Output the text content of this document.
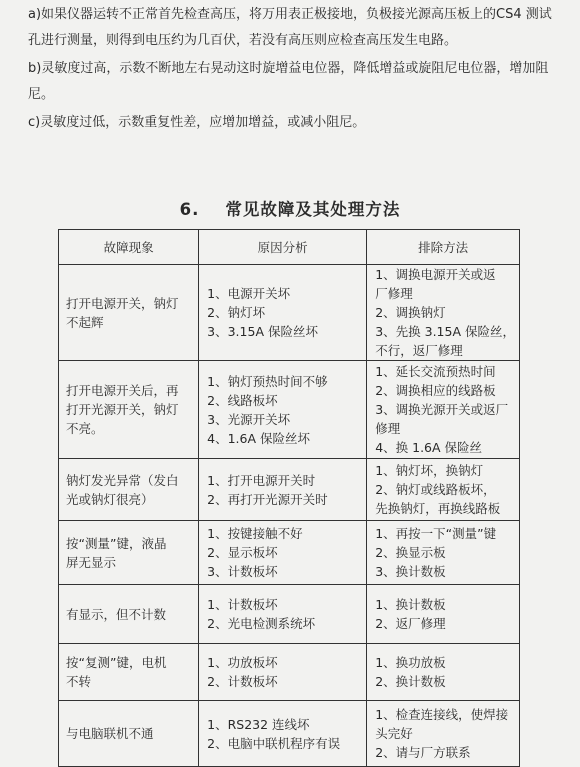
a)如果仪器运转不正常首先检查高压，将万用表正极接地，负极接光源高压板上的CS4 测试孔进行测量，则得到电压约为几百伏，若没有高压则应检查高压发生电路。
b)灵敏度过高，示数不断地左右晃动这时旋增益电位器，降低增益或旋阻尼电位器，增加阻尼。
c)灵敏度过低，示数重复性差，应增加增益，或减小阻尼。
6. 常见故障及其处理方法
故障现象	原因分析	排除方法

打开电源开关，钠灯
不起辉	1、电源开关坏
2、钠灯坏
3、3.15A 保险丝坏	1、调换电源开关或返
厂修理
2、调换钠灯
3、先换 3.15A 保险丝，
不行，返厂修理

打开电源开关后，再
打开光源开关，钠灯
不亮。	1、钠灯预热时间不够
2、线路板坏
3、光源开关坏
4、1.6A 保险丝坏	1、延长交流预热时间
2、调换相应的线路板
3、调换光源开关或返厂
修理
4、换 1.6A 保险丝

钠灯发光异常（发白
光或钠灯很亮）	1、打开电源开关时
2、再打开光源开关时	1、钠灯坏，换钠灯
2、钠灯或线路板坏，
先换钠灯，再换线路板

按“测量”键，液晶
屏无显示	1、按键接触不好
2、显示板坏
3、计数板坏	1、再按一下“测量”键
2、换显示板
3、换计数板

有显示，但不计数	1、计数板坏
2、光电检测系统坏	1、换计数板
2、返厂修理

按“复测”键，电机
不转	1、功放板坏
2、计数板坏	1、换功放板
2、换计数板

与电脑联机不通	1、RS232 连线坏
2、电脑中联机程序有误	1、检查连接线，使焊接
头完好
2、请与厂方联系
